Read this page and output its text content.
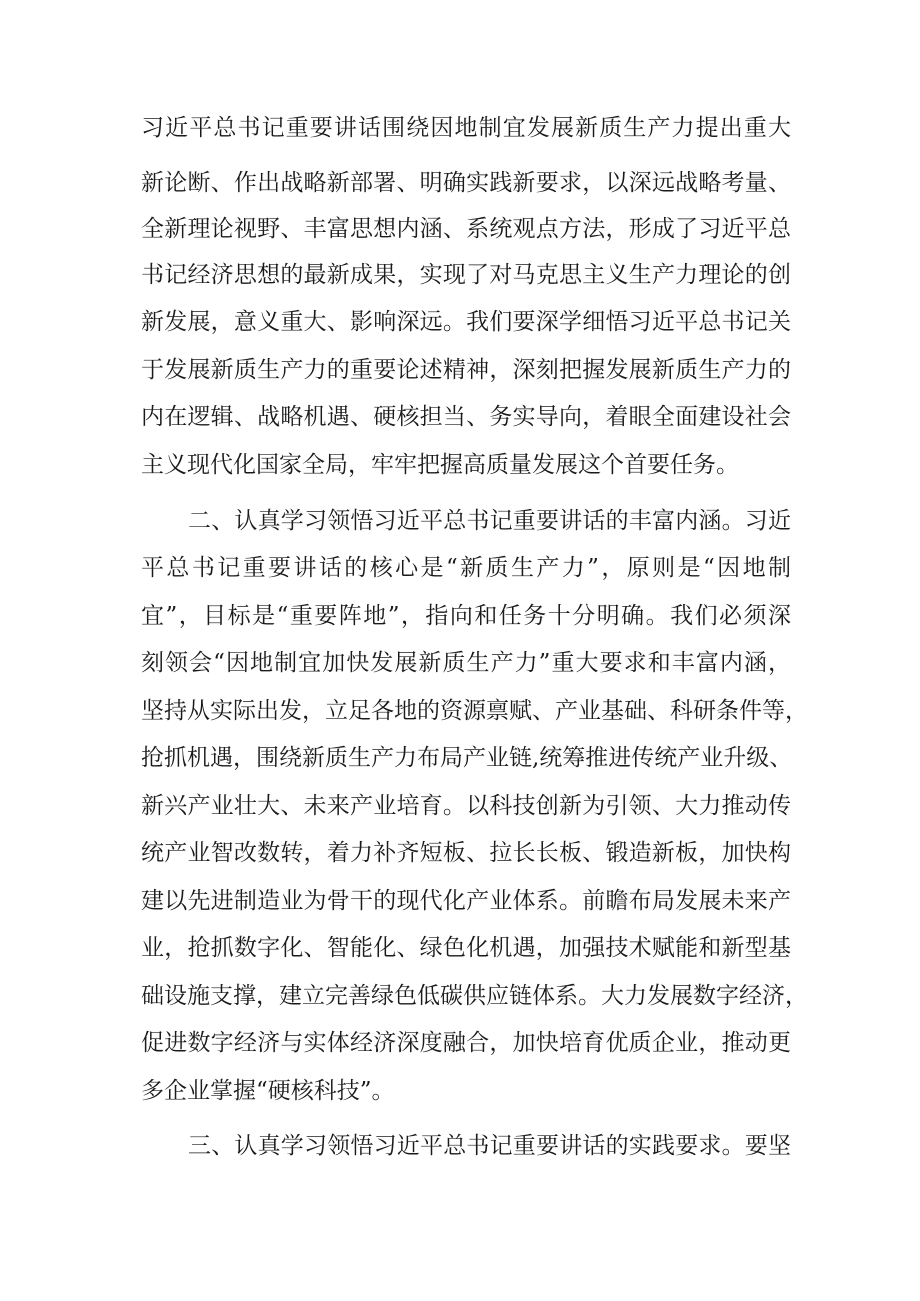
习近平总书记重要讲话围绕因地制宜发展新质生产力提出重大
新论断、作出战略新部署、明确实践新要求，以深远战略考量、
全新理论视野、丰富思想内涵、系统观点方法，形成了习近平总
书记经济思想的最新成果，实现了对马克思主义生产力理论的创
新发展，意义重大、影响深远。我们要深学细悟习近平总书记关
于发展新质生产力的重要论述精神，深刻把握发展新质生产力的
内在逻辑、战略机遇、硬核担当、务实导向，着眼全面建设社会
主义现代化国家全局，牢牢把握高质量发展这个首要任务。
二、认真学习领悟习近平总书记重要讲话的丰富内涵。习近
平总书记重要讲话的核心是“新质生产力”，原则是“因地制
宜”，目标是“重要阵地”，指向和任务十分明确。我们必须深
刻领会“因地制宜加快发展新质生产力”重大要求和丰富内涵，
坚持从实际出发，立足各地的资源禀赋、产业基础、科研条件等，
抢抓机遇，围绕新质生产力布局产业链,统筹推进传统产业升级、
新兴产业壮大、未来产业培育。以科技创新为引领、大力推动传
统产业智改数转，着力补齐短板、拉长长板、锻造新板，加快构
建以先进制造业为骨干的现代化产业体系。前瞻布局发展未来产
业，抢抓数字化、智能化、绿色化机遇，加强技术赋能和新型基
础设施支撑，建立完善绿色低碳供应链体系。大力发展数字经济，
促进数字经济与实体经济深度融合，加快培育优质企业，推动更
多企业掌握“硬核科技”。
三、认真学习领悟习近平总书记重要讲话的实践要求。要坚
